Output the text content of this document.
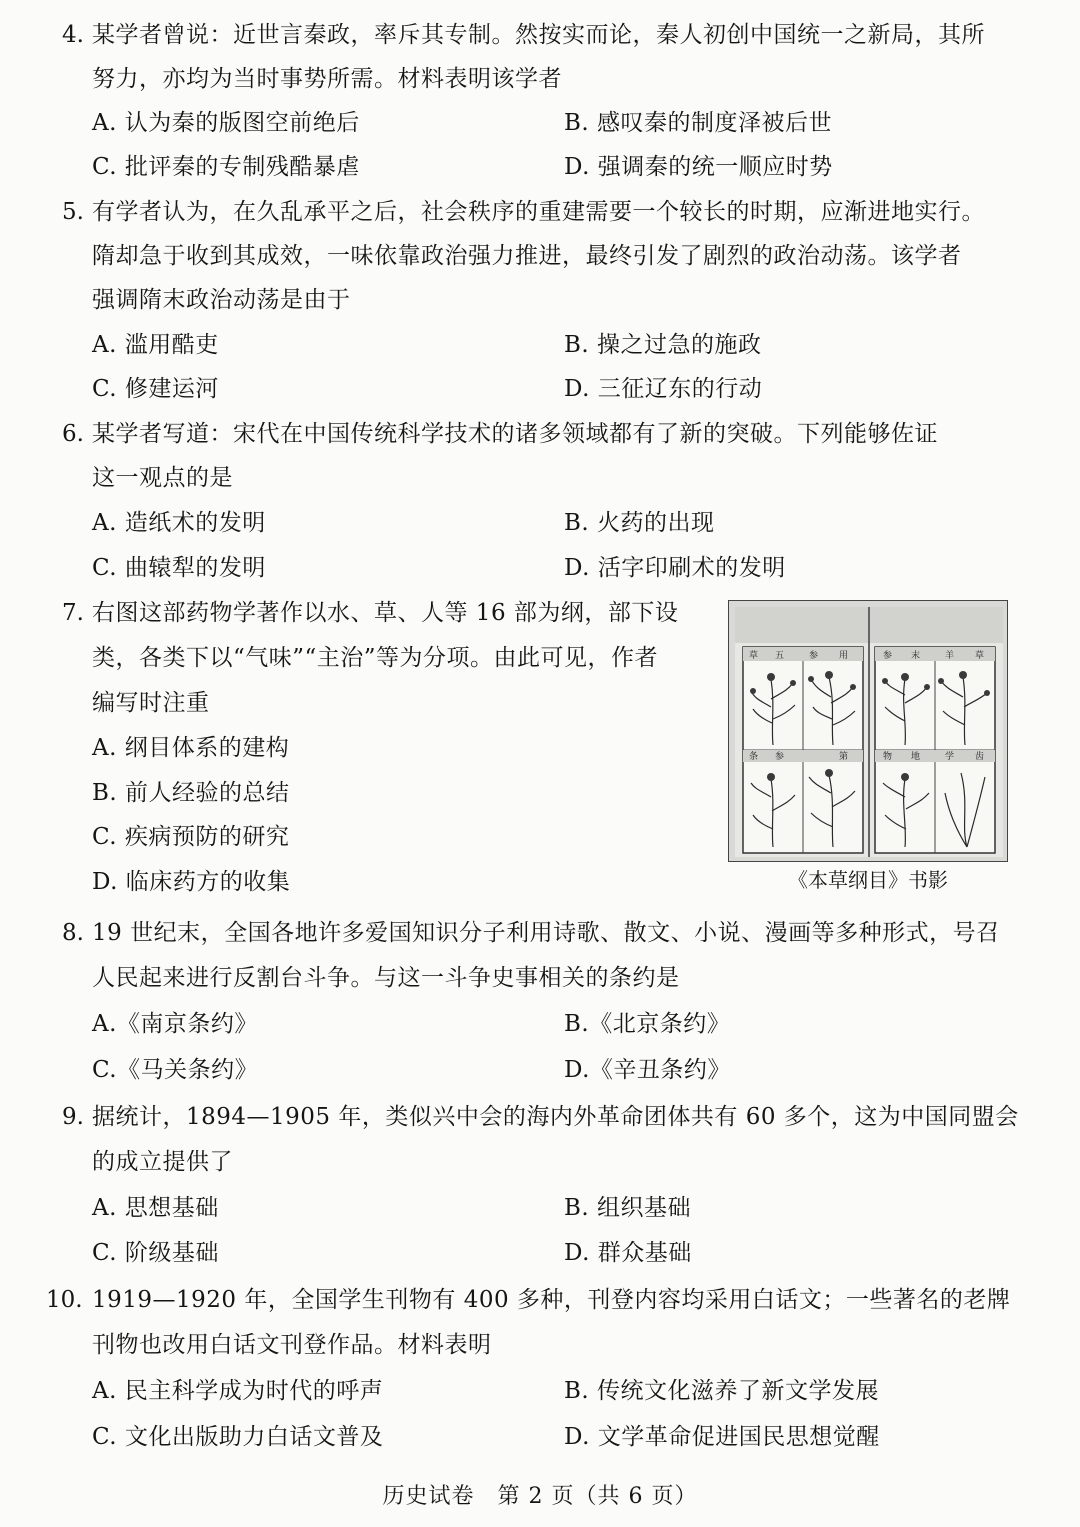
4. 某学者曾说：近世言秦政，率斥其专制。然按实而论，秦人初创中国统一之新局，其所
努力，亦均为当时事势所需。材料表明该学者
A. 认为秦的版图空前绝后	B. 感叹秦的制度泽被后世
C. 批评秦的专制残酷暴虐	D. 强调秦的统一顺应时势
5. 有学者认为，在久乱承平之后，社会秩序的重建需要一个较长的时期，应渐进地实行。
隋却急于收到其成效，一味依靠政治强力推进，最终引发了剧烈的政治动荡。该学者
强调隋末政治动荡是由于
A. 滥用酷吏	B. 操之过急的施政
C. 修建运河	D. 三征辽东的行动
6. 某学者写道：宋代在中国传统科学技术的诸多领域都有了新的突破。下列能够佐证
这一观点的是
A. 造纸术的发明	B. 火药的出现
C. 曲辕犁的发明	D. 活字印刷术的发明
7. 右图这部药物学著作以水、草、人等 16 部为纲，部下设
类，各类下以“气味”“主治”等为分项。由此可见，作者
编写时注重
A. 纲目体系的建构
B. 前人经验的总结
C. 疾病预防的研究
D. 临床药方的收集
草 五	参 用	参 末	羊 草
条 参	第	物 地	学 齿
《本草纲目》书影
8. 19 世纪末，全国各地许多爱国知识分子利用诗歌、散文、小说、漫画等多种形式，号召
人民起来进行反割台斗争。与这一斗争史事相关的条约是
A.《南京条约》	B.《北京条约》
C.《马关条约》	D.《辛丑条约》
9. 据统计，1894—1905 年，类似兴中会的海内外革命团体共有 60 多个，这为中国同盟会
的成立提供了
A. 思想基础	B. 组织基础
C. 阶级基础	D. 群众基础
10. 1919—1920 年，全国学生刊物有 400 多种，刊登内容均采用白话文；一些著名的老牌
刊物也改用白话文刊登作品。材料表明
A. 民主科学成为时代的呼声	B. 传统文化滋养了新文学发展
C. 文化出版助力白话文普及	D. 文学革命促进国民思想觉醒
历史试卷　第 2 页（共 6 页）
